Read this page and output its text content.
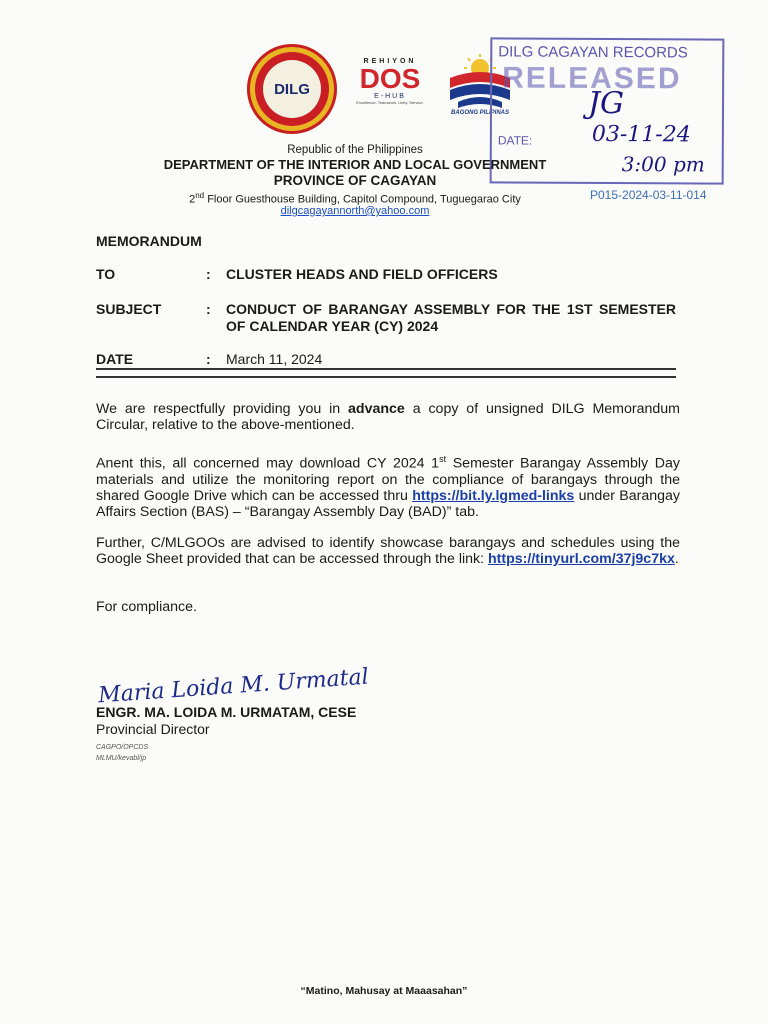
DILG
REHIYON
DOS
E-HUB
Excellence. Teamwork. Unity. Service.
BAGONG PILIPINAS
DILG CAGAYAN RECORDS
RELEASED
JG
DATE:	03-11-24
3:00 pm
P015-2024-03-11-014
Republic of the Philippines
DEPARTMENT OF THE INTERIOR AND LOCAL GOVERNMENT
PROVINCE OF CAGAYAN
2nd Floor Guesthouse Building, Capitol Compound, Tuguegarao City
dilgcagayannorth@yahoo.com
MEMORANDUM
TO	: CLUSTER HEADS AND FIELD OFFICERS
SUBJECT	: CONDUCT OF BARANGAY ASSEMBLY FOR THE 1ST SEMESTER OF CALENDAR YEAR (CY) 2024
DATE	: March 11, 2024
We are respectfully providing you in advance a copy of unsigned DILG Memorandum Circular, relative to the above-mentioned.
Anent this, all concerned may download CY 2024 1st Semester Barangay Assembly Day materials and utilize the monitoring report on the compliance of barangays through the shared Google Drive which can be accessed thru https://bit.ly.lgmed-links under Barangay Affairs Section (BAS) – “Barangay Assembly Day (BAD)” tab.
Further, C/MLGOOs are advised to identify showcase barangays and schedules using the Google Sheet provided that can be accessed through the link: https://tinyurl.com/37j9c7kx.
For compliance.
Maria Loida M. Urmatal
ENGR. MA. LOIDA M. URMATAM, CESE
Provincial Director
CAGPO/OPCDS
MLMU/kevabl/jp
“Matino, Mahusay at Maaasahan”
